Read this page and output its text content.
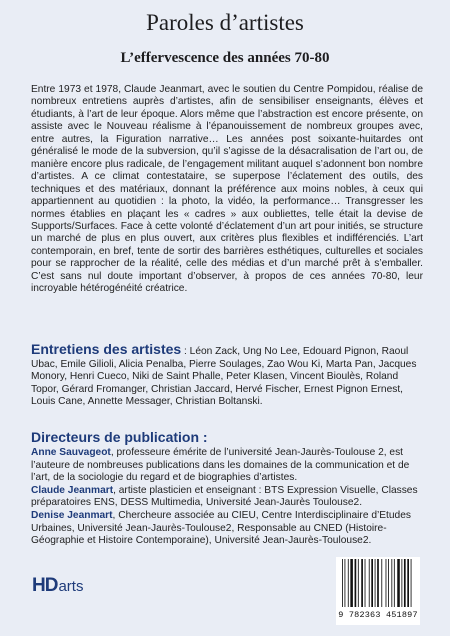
Paroles d’artistes
L’effervescence des années 70-80

Entre 1973 et 1978, Claude Jeanmart, avec le soutien du Centre Pompidou, réalise de nombreux entretiens auprès d’artistes, afin de sensibiliser enseignants, élèves et étudiants, à l’art de leur époque. Alors même que l’abstraction est encore présente, on assiste avec le Nouveau réalisme à l’épanouissement de nombreux groupes avec, entre autres, la Figuration narrative… Les années post soixante-huitardes ont généralisé le mode de la subversion, qu’il s’agisse de la désacralisation de l’art ou, de manière encore plus radicale, de l’engagement militant auquel s’adonnent bon nombre d’artistes. A ce climat contestataire, se superpose l’éclatement des outils, des techniques et des matériaux, donnant la préférence aux moins nobles, à ceux qui appartiennent au quotidien : la photo, la vidéo, la performance… Transgresser les normes établies en plaçant les « cadres » aux oubliettes, telle était la devise de Supports/Surfaces. Face à cette volonté d’éclatement d’un art pour initiés, se structure un marché de plus en plus ouvert, aux critères plus flexibles et indifférenciés. L’art contemporain, en bref, tente de sortir des barrières esthétiques, culturelles et sociales pour se rapprocher de la réalité, celle des médias et d’un marché prêt à s’emballer. C’est sans nul doute important d’observer, à propos de ces années 70-80, leur incroyable hétérogénéité créatrice.

Entretiens des artistes : Léon Zack, Ung No Lee, Edouard Pignon, Raoul Ubac, Emile Gilioli, Alicia Penalba, Pierre Soulages, Zao Wou Ki, Marta Pan, Jacques Monory, Henri Cueco, Niki de Saint Phalle, Peter Klasen, Vincent Bioulès, Roland Topor, Gérard Fromanger, Christian Jaccard, Hervé Fischer, Ernest Pignon Ernest, Louis Cane, Annette Messager, Christian Boltanski.
Directeurs de publication :

Anne Sauvageot, professeure émérite de l’université Jean-Jaurès-Toulouse 2, est l’auteure de nombreuses publications dans les domaines de la communication et de l’art, de la sociologie du regard et de biographies d’artistes.

Claude Jeanmart, artiste plasticien et enseignant : BTS Expression Visuelle, Classes préparatoires ENS, DESS Multimedia, Université Jean-Jaurès Toulouse2.

Denise Jeanmart, Chercheure associée au CIEU, Centre Interdisciplinaire d’Etudes Urbaines, Université Jean-Jaurès-Toulouse2, Responsable au CNED (Histoire-Géographie et Histoire Contemporaine), Université Jean-Jaurès-Toulouse2.

HDarts
9 782363 451897
